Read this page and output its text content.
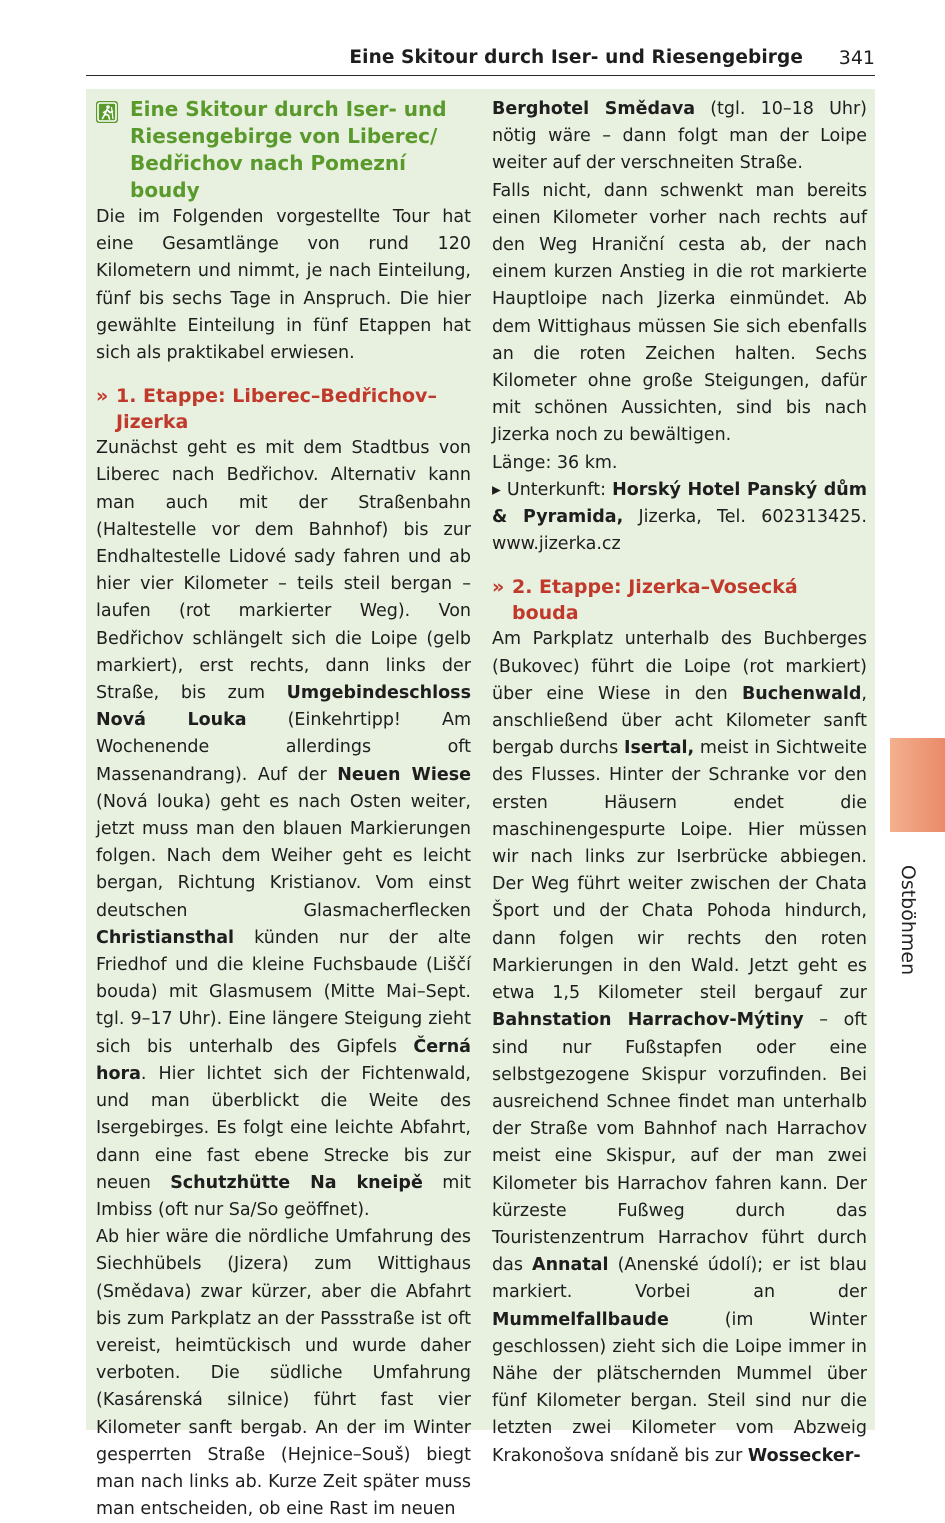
Eine Skitour durch Iser- und Riesengebirge 341
Eine Skitour durch Iser- und Riesengebirge von Liberec/ Bedřichov nach Pomezní boudy

Die im Folgenden vorgestellte Tour hat eine Gesamtlänge von rund 120 Kilometern und nimmt, je nach Einteilung, fünf bis sechs Tage in Anspruch. Die hier gewählte Einteilung in fünf Etappen hat sich als praktikabel erwiesen.

» 1. Etappe: Liberec–Bedřichov–Jizerka

Zunächst geht es mit dem Stadtbus von Liberec nach Bedřichov. Alternativ kann man auch mit der Straßenbahn (Haltestelle vor dem Bahnhof) bis zur Endhaltestelle Lidové sady fahren und ab hier vier Kilometer – teils steil bergan – laufen (rot markierter Weg). Von Bedřichov schlängelt sich die Loipe (gelb markiert), erst rechts, dann links der Straße, bis zum Umgebindeschloss Nová Louka (Einkehrtipp! Am Wochenende allerdings oft Massenandrang). Auf der Neuen Wiese (Nová louka) geht es nach Osten weiter, jetzt muss man den blauen Markierungen folgen. Nach dem Weiher geht es leicht bergan, Richtung Kristianov. Vom einst deutschen Glasmacherflecken Christiansthal künden nur der alte Friedhof und die kleine Fuchsbaude (Liščí bouda) mit Glasmusem (Mitte Mai–Sept. tgl. 9–17 Uhr). Eine längere Steigung zieht sich bis unterhalb des Gipfels Černá hora. Hier lichtet sich der Fichtenwald, und man überblickt die Weite des Isergebirges. Es folgt eine leichte Abfahrt, dann eine fast ebene Strecke bis zur neuen Schutzhütte Na kneipě mit Imbiss (oft nur Sa/So geöffnet).

Ab hier wäre die nördliche Umfahrung des Siechhübels (Jizera) zum Wittighaus (Smědava) zwar kürzer, aber die Abfahrt bis zum Parkplatz an der Passstraße ist oft vereist, heimtückisch und wurde daher verboten. Die südliche Umfahrung (Kasárenská silnice) führt fast vier Kilometer sanft bergab. An der im Winter gesperrten Straße (Hejnice–Souš) biegt man nach links ab. Kurze Zeit später muss man entscheiden, ob eine Rast im neuen

Berghotel Smědava (tgl. 10–18 Uhr) nötig wäre – dann folgt man der Loipe weiter auf der verschneiten Straße.

Falls nicht, dann schwenkt man bereits einen Kilometer vorher nach rechts auf den Weg Hraniční cesta ab, der nach einem kurzen Anstieg in die rot markierte Hauptloipe nach Jizerka einmündet. Ab dem Wittighaus müssen Sie sich ebenfalls an die roten Zeichen halten. Sechs Kilometer ohne große Steigungen, dafür mit schönen Aussichten, sind bis nach Jizerka noch zu bewältigen.

Länge: 36 km.

▸ Unterkunft: Horský Hotel Panský dům & Pyramida, Jizerka, Tel. 602313425. www.jizerka.cz

» 2. Etappe: Jizerka–Vosecká bouda

Am Parkplatz unterhalb des Buchberges (Bukovec) führt die Loipe (rot markiert) über eine Wiese in den Buchenwald, anschließend über acht Kilometer sanft bergab durchs Isertal, meist in Sichtweite des Flusses. Hinter der Schranke vor den ersten Häusern endet die maschinengespurte Loipe. Hier müssen wir nach links zur Iserbrücke abbiegen. Der Weg führt weiter zwischen der Chata Šport und der Chata Pohoda hindurch, dann folgen wir rechts den roten Markierungen in den Wald. Jetzt geht es etwa 1,5 Kilometer steil bergauf zur Bahnstation Harrachov-Mýtiny – oft sind nur Fußstapfen oder eine selbstgezogene Skispur vorzufinden. Bei ausreichend Schnee findet man unterhalb der Straße vom Bahnhof nach Harrachov meist eine Skispur, auf der man zwei Kilometer bis Harrachov fahren kann. Der kürzeste Fußweg durch das Touristenzentrum Harrachov führt durch das Annatal (Anenské údolí); er ist blau markiert. Vorbei an der Mummelfallbaude (im Winter geschlossen) zieht sich die Loipe immer in Nähe der plätschernden Mummel über fünf Kilometer bergan. Steil sind nur die letzten zwei Kilometer vom Abzweig Krakonošova snídaně bis zur Wossecker-

Ostböhmen
